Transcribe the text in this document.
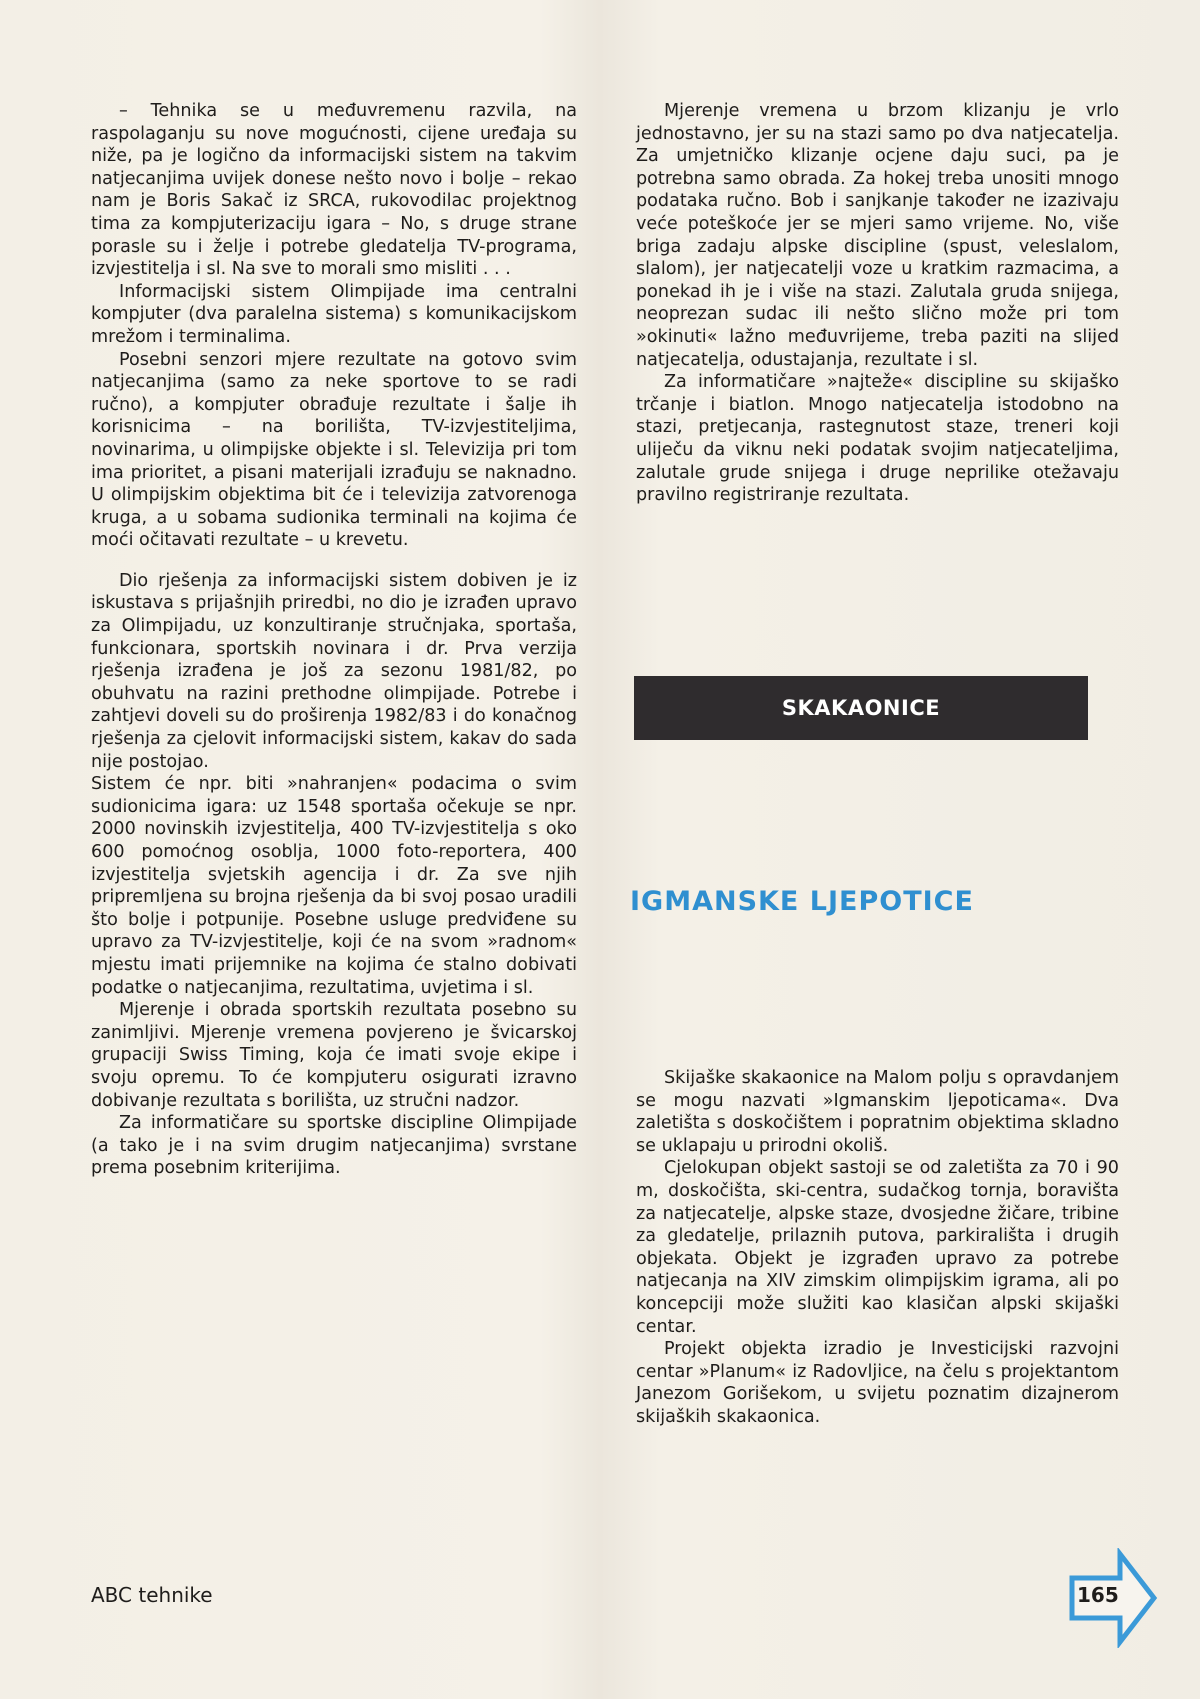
– Tehnika se u međuvremenu razvila, na raspolaganju su nove mogućnosti, cijene uređaja su niže, pa je logično da informacijski sistem na takvim natjecanjima uvijek donese nešto novo i bolje – rekao nam je Boris Sakač iz SRCA, rukovodilac projektnog tima za kompjuterizaciju igara – No, s druge strane porasle su i želje i potrebe gledatelja TV-programa, izvjestitelja i sl. Na sve to morali smo misliti . . .

Informacijski sistem Olimpijade ima centralni kompjuter (dva paralelna sistema) s komunikacijskom mrežom i terminalima.

Posebni senzori mjere rezultate na gotovo svim natjecanjima (samo za neke sportove to se radi ručno), a kompjuter obrađuje rezultate i šalje ih korisnicima – na borilišta, TV-izvjestiteljima, novinarima, u olimpijske objekte i sl. Televizija pri tom ima prioritet, a pisani materijali izrađuju se naknadno. U olimpijskim objektima bit će i televizija zatvorenoga kruga, a u sobama sudionika terminali na kojima će moći očitavati rezultate – u krevetu.

Dio rješenja za informacijski sistem dobiven je iz iskustava s prijašnjih priredbi, no dio je izrađen upravo za Olimpijadu, uz konzultiranje stručnjaka, sportaša, funkcionara, sportskih novinara i dr. Prva verzija rješenja izrađena je još za sezonu 1981/82, po obuhvatu na razini prethodne olimpijade. Potrebe i zahtjevi doveli su do proširenja 1982/83 i do konačnog rješenja za cjelovit informacijski sistem, kakav do sada nije postojao.

Sistem će npr. biti »nahranjen« podacima o svim sudionicima igara: uz 1548 sportaša očekuje se npr. 2000 novinskih izvjestitelja, 400 TV-izvjestitelja s oko 600 pomoćnog osoblja, 1000 foto-reportera, 400 izvjestitelja svjetskih agencija i dr. Za sve njih pripremljena su brojna rješenja da bi svoj posao uradili što bolje i potpunije. Posebne usluge predviđene su upravo za TV-izvjestitelje, koji će na svom »radnom« mjestu imati prijemnike na kojima će stalno dobivati podatke o natjecanjima, rezultatima, uvjetima i sl.

Mjerenje i obrada sportskih rezultata posebno su zanimljivi. Mjerenje vremena povjereno je švicarskoj grupaciji Swiss Timing, koja će imati svoje ekipe i svoju opremu. To će kompjuteru osigurati izravno dobivanje rezultata s borilišta, uz stručni nadzor.

Za informatičare su sportske discipline Olimpijade (a tako je i na svim drugim natjecanjima) svrstane prema posebnim kriterijima.

Mjerenje vremena u brzom klizanju je vrlo jednostavno, jer su na stazi samo po dva natjecatelja. Za umjetničko klizanje ocjene daju suci, pa je potrebna samo obrada. Za hokej treba unositi mnogo podataka ručno. Bob i sanjkanje također ne izazivaju veće poteškoće jer se mjeri samo vrijeme. No, više briga zadaju alpske discipline (spust, veleslalom, slalom), jer natjecatelji voze u kratkim razmacima, a ponekad ih je i više na stazi. Zalutala gruda snijega, neoprezan sudac ili nešto slično može pri tom »okinuti« lažno međuvrijeme, treba paziti na slijed natjecatelja, odustajanja, rezultate i sl.

Za informatičare »najteže« discipline su skijaško trčanje i biatlon. Mnogo natjecatelja istodobno na stazi, pretjecanja, rastegnutost staze, treneri koji uliječu da viknu neki podatak svojim natjecateljima, zalutale grude snijega i druge neprilike otežavaju pravilno registriranje rezultata.

SKAKAONICE
IGMANSKE LJEPOTICE

Skijaške skakaonice na Malom polju s opravdanjem se mogu nazvati »Igmanskim ljepoticama«. Dva zaletišta s doskočištem i popratnim objektima skladno se uklapaju u prirodni okoliš.

Cjelokupan objekt sastoji se od zaletišta za 70 i 90 m, doskočišta, ski-centra, sudačkog tornja, boravišta za natjecatelje, alpske staze, dvosjedne žičare, tribine za gledatelje, prilaznih putova, parkirališta i drugih objekata. Objekt je izgrađen upravo za potrebe natjecanja na XIV zimskim olimpijskim igrama, ali po koncepciji može služiti kao klasičan alpski skijaški centar.

Projekt objekta izradio je Investicijski razvojni centar »Planum« iz Radovljice, na čelu s projektantom Janezom Gorišekom, u svijetu poznatim dizajnerom skijaških skakaonica.

ABC tehnike	165
